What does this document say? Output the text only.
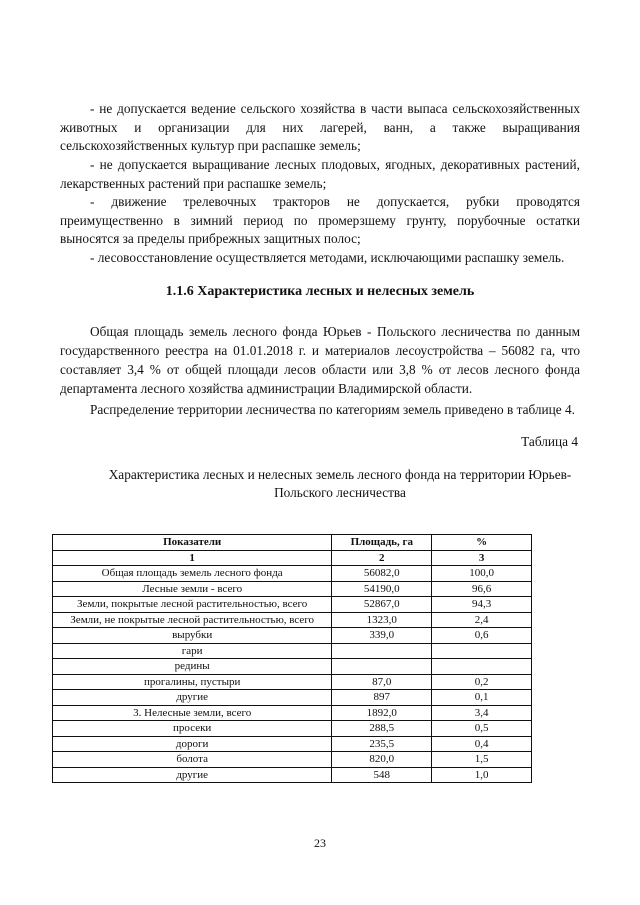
- не допускается ведение сельского хозяйства в части выпаса сельскохозяйственных животных и организации для них лагерей, ванн, а также выращивания сельскохозяйственных культур при распашке земель;

- не допускается выращивание лесных плодовых, ягодных, декоративных растений, лекарственных растений при распашке земель;

- движение трелевочных тракторов не допускается, рубки проводятся преимущественно в зимний период по промерзшему грунту, порубочные остатки выносятся за пределы прибрежных защитных полос;

- лесовосстановление осуществляется методами, исключающими распашку земель.

1.1.6 Характеристика лесных и нелесных земель

Общая площадь земель лесного фонда Юрьев - Польского лесничества по данным государственного реестра на 01.01.2018 г. и материалов лесоустройства – 56082 га, что составляет 3,4 % от общей площади лесов области или 3,8 % от лесов лесного фонда департамента лесного хозяйства администрации Владимирской области.

Распределение территории лесничества по категориям земель приведено в таблице 4.

Таблица 4
Характеристика лесных и нелесных земель лесного фонда на территории Юрьев-Польского лесничества
Показатели	Площадь, га	%
1	2	3
Общая площадь земель лесного фонда	56082,0	100,0
Лесные земли - всего	54190,0	96,6
Земли, покрытые лесной растительностью, всего	52867,0	94,3
Земли, не покрытые лесной растительностью, всего	1323,0	2,4
вырубки	339,0	0,6
гари		
редины		
прогалины, пустыри	87,0	0,2
другие	897	0,1
3. Нелесные земли, всего	1892,0	3,4
просеки	288,5	0,5
дороги	235,5	0,4
болота	820,0	1,5
другие	548	1,0
23
